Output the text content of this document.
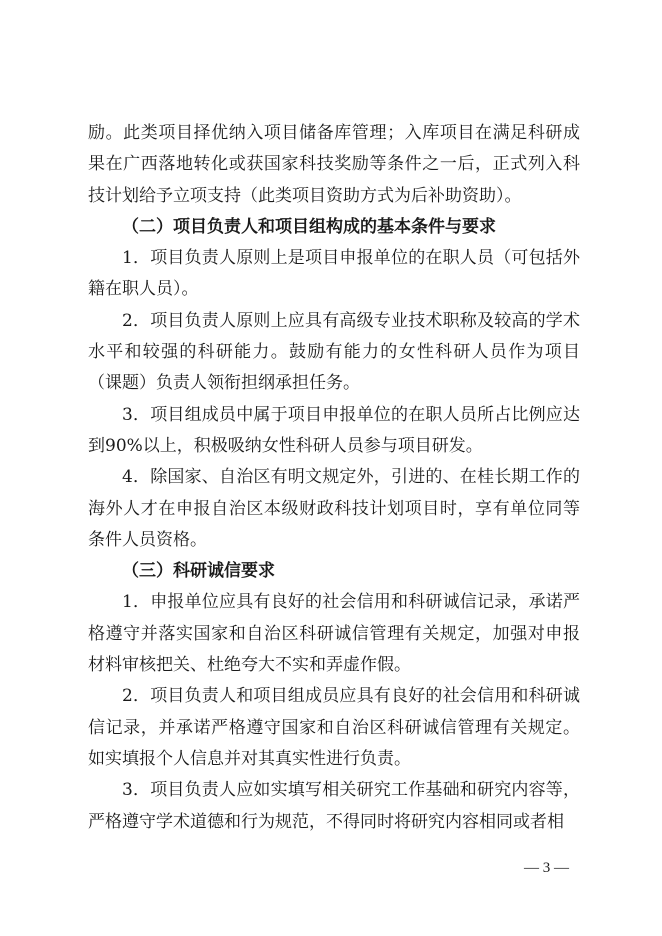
励。此类项目择优纳入项目储备库管理；入库项目在满足科研成果在广西落地转化或获国家科技奖励等条件之一后，正式列入科技计划给予立项支持（此类项目资助方式为后补助资助）。

（二）项目负责人和项目组构成的基本条件与要求

1．项目负责人原则上是项目申报单位的在职人员（可包括外籍在职人员）。

2．项目负责人原则上应具有高级专业技术职称及较高的学术水平和较强的科研能力。鼓励有能力的女性科研人员作为项目（课题）负责人领衔担纲承担任务。

3．项目组成员中属于项目申报单位的在职人员所占比例应达到90%以上，积极吸纳女性科研人员参与项目研发。

4．除国家、自治区有明文规定外，引进的、在桂长期工作的海外人才在申报自治区本级财政科技计划项目时，享有单位同等条件人员资格。

（三）科研诚信要求

1．申报单位应具有良好的社会信用和科研诚信记录，承诺严格遵守并落实国家和自治区科研诚信管理有关规定，加强对申报材料审核把关、杜绝夸大不实和弄虚作假。

2．项目负责人和项目组成员应具有良好的社会信用和科研诚信记录，并承诺严格遵守国家和自治区科研诚信管理有关规定。如实填报个人信息并对其真实性进行负责。

3．项目负责人应如实填写相关研究工作基础和研究内容等，严格遵守学术道德和行为规范，不得同时将研究内容相同或者相

— 3 —
